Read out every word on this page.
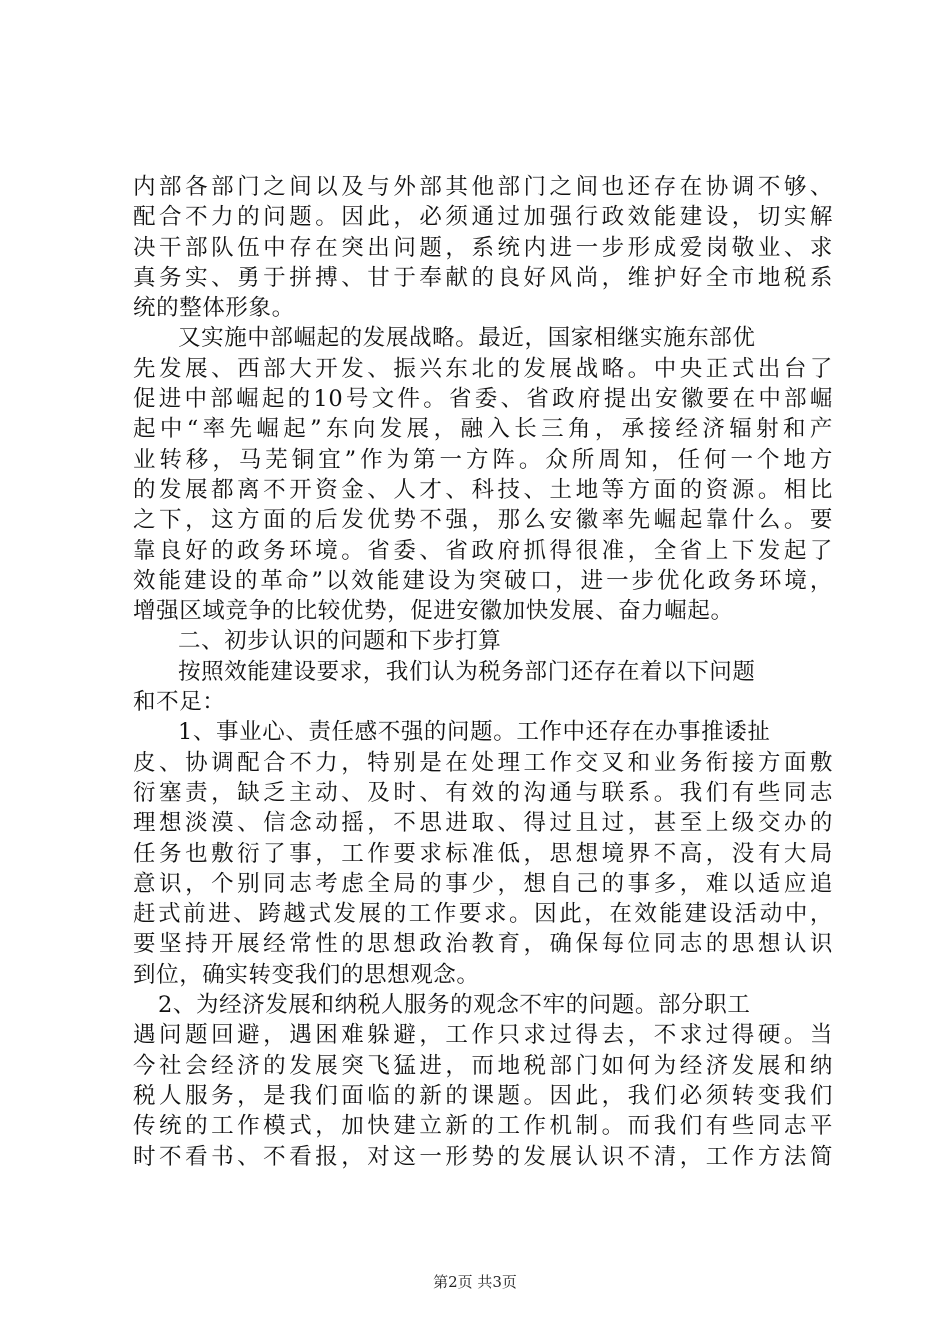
内部各部门之间以及与外部其他部门之间也还存在协调不够、
配合不力的问题。因此，必须通过加强行政效能建设，切实解
决干部队伍中存在突出问题，系统内进一步形成爱岗敬业、求
真务实、勇于拼搏、甘于奉献的良好风尚，维护好全市地税系
统的整体形象。
又实施中部崛起的发展战略。最近，国家相继实施东部优
先发展、西部大开发、振兴东北的发展战略。中央正式出台了
促进中部崛起的10号文件。省委、省政府提出安徽要在中部崛
起中“率先崛起”东向发展，融入长三角，承接经济辐射和产
业转移，马芜铜宜”作为第一方阵。众所周知，任何一个地方
的发展都离不开资金、人才、科技、土地等方面的资源。相比
之下，这方面的后发优势不强，那么安徽率先崛起靠什么。要
靠良好的政务环境。省委、省政府抓得很准，全省上下发起了
效能建设的革命”以效能建设为突破口，进一步优化政务环境，
增强区域竞争的比较优势，促进安徽加快发展、奋力崛起。
二、初步认识的问题和下步打算
按照效能建设要求，我们认为税务部门还存在着以下问题
和不足：
1、事业心、责任感不强的问题。工作中还存在办事推诿扯
皮、协调配合不力，特别是在处理工作交叉和业务衔接方面敷
衍塞责，缺乏主动、及时、有效的沟通与联系。我们有些同志
理想淡漠、信念动摇，不思进取、得过且过，甚至上级交办的
任务也敷衍了事，工作要求标准低，思想境界不高，没有大局
意识，个别同志考虑全局的事少，想自己的事多，难以适应追
赶式前进、跨越式发展的工作要求。因此，在效能建设活动中，
要坚持开展经常性的思想政治教育，确保每位同志的思想认识
到位，确实转变我们的思想观念。
2、为经济发展和纳税人服务的观念不牢的问题。部分职工
遇问题回避，遇困难躲避，工作只求过得去，不求过得硬。当
今社会经济的发展突飞猛进，而地税部门如何为经济发展和纳
税人服务，是我们面临的新的课题。因此，我们必须转变我们
传统的工作模式，加快建立新的工作机制。而我们有些同志平
时不看书、不看报，对这一形势的发展认识不清，工作方法简
第2页 共3页
